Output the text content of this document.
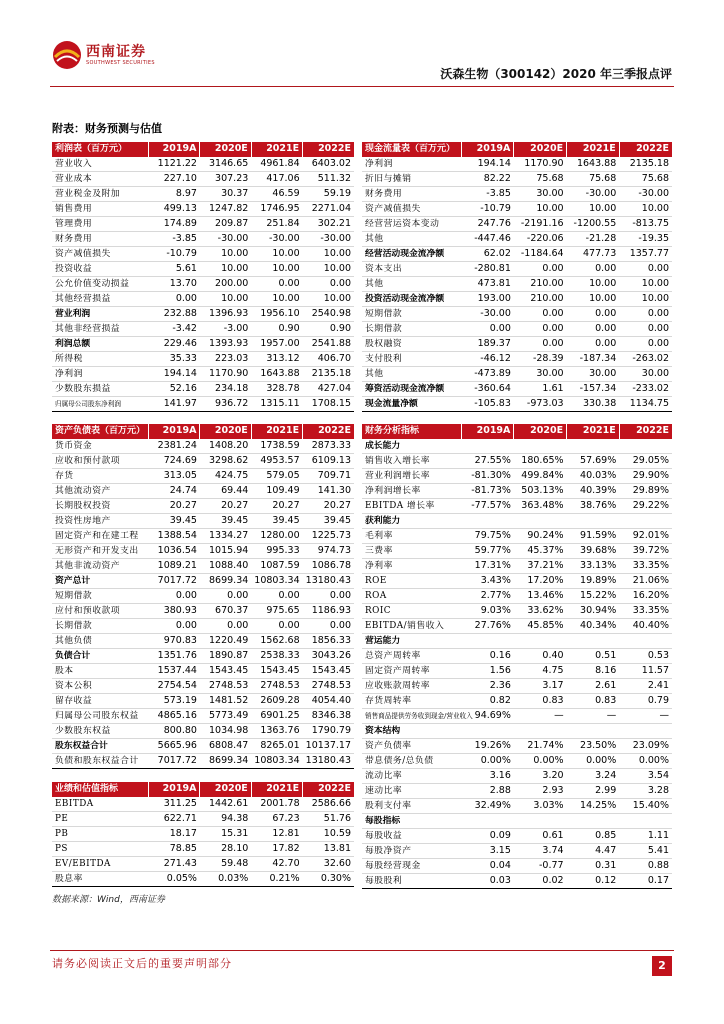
西南证券
SOUTHWEST SECURITIES
沃森生物（300142）2020 年三季报点评
附表：财务预测与估值
利润表（百万元）	2019A	2020E	2021E	2022E
营业收入	1121.22	3146.65	4961.84	6403.02
营业成本	227.10	307.23	417.06	511.32
营业税金及附加	8.97	30.37	46.59	59.19
销售费用	499.13	1247.82	1746.95	2271.04
管理费用	174.89	209.87	251.84	302.21
财务费用	-3.85	-30.00	-30.00	-30.00
资产减值损失	-10.79	10.00	10.00	10.00
投资收益	5.61	10.00	10.00	10.00
公允价值变动损益	13.70	200.00	0.00	0.00
其他经营损益	0.00	10.00	10.00	10.00
营业利润	232.88	1396.93	1956.10	2540.98
其他非经营损益	-3.42	-3.00	0.90	0.90
利润总额	229.46	1393.93	1957.00	2541.88
所得税	35.33	223.03	313.12	406.70
净利润	194.14	1170.90	1643.88	2135.18
少数股东损益	52.16	234.18	328.78	427.04
归属母公司股东净利润	141.97	936.72	1315.11	1708.15
现金流量表（百万元）	2019A	2020E	2021E	2022E
净利润	194.14	1170.90	1643.88	2135.18
折旧与摊销	82.22	75.68	75.68	75.68
财务费用	-3.85	30.00	-30.00	-30.00
资产减值损失	-10.79	10.00	10.00	10.00
经营营运资本变动	247.76	-2191.16	-1200.55	-813.75
其他	-447.46	-220.06	-21.28	-19.35
经营活动现金流净额	62.02	-1184.64	477.73	1357.77
资本支出	-280.81	0.00	0.00	0.00
其他	473.81	210.00	10.00	10.00
投资活动现金流净额	193.00	210.00	10.00	10.00
短期借款	-30.00	0.00	0.00	0.00
长期借款	0.00	0.00	0.00	0.00
股权融资	189.37	0.00	0.00	0.00
支付股利	-46.12	-28.39	-187.34	-263.02
其他	-473.89	30.00	30.00	30.00
筹资活动现金流净额	-360.64	1.61	-157.34	-233.02
现金流量净额	-105.83	-973.03	330.38	1134.75
资产负债表（百万元）	2019A	2020E	2021E	2022E
货币资金	2381.24	1408.20	1738.59	2873.33
应收和预付款项	724.69	3298.62	4953.57	6109.13
存货	313.05	424.75	579.05	709.71
其他流动资产	24.74	69.44	109.49	141.30
长期股权投资	20.27	20.27	20.27	20.27
投资性房地产	39.45	39.45	39.45	39.45
固定资产和在建工程	1388.54	1334.27	1280.00	1225.73
无形资产和开发支出	1036.54	1015.94	995.33	974.73
其他非流动资产	1089.21	1088.40	1087.59	1086.78
资产总计	7017.72	8699.34	10803.34	13180.43
短期借款	0.00	0.00	0.00	0.00
应付和预收款项	380.93	670.37	975.65	1186.93
长期借款	0.00	0.00	0.00	0.00
其他负债	970.83	1220.49	1562.68	1856.33
负债合计	1351.76	1890.87	2538.33	3043.26
股本	1537.44	1543.45	1543.45	1543.45
资本公积	2754.54	2748.53	2748.53	2748.53
留存收益	573.19	1481.52	2609.28	4054.40
归属母公司股东权益	4865.16	5773.49	6901.25	8346.38
少数股东权益	800.80	1034.98	1363.76	1790.79
股东权益合计	5665.96	6808.47	8265.01	10137.17
负债和股东权益合计	7017.72	8699.34	10803.34	13180.43
财务分析指标	2019A	2020E	2021E	2022E
成长能力				
销售收入增长率	27.55%	180.65%	57.69%	29.05%
营业利润增长率	-81.30%	499.84%	40.03%	29.90%
净利润增长率	-81.73%	503.13%	40.39%	29.89%
EBITDA 增长率	-77.57%	363.48%	38.76%	29.22%
获利能力				
毛利率	79.75%	90.24%	91.59%	92.01%
三费率	59.77%	45.37%	39.68%	39.72%
净利率	17.31%	37.21%	33.13%	33.35%
ROE	3.43%	17.20%	19.89%	21.06%
ROA	2.77%	13.46%	15.22%	16.20%
ROIC	9.03%	33.62%	30.94%	33.35%
EBITDA/销售收入	27.76%	45.85%	40.34%	40.40%
营运能力				
总资产周转率	0.16	0.40	0.51	0.53
固定资产周转率	1.56	4.75	8.16	11.57
应收账款周转率	2.36	3.17	2.61	2.41
存货周转率	0.82	0.83	0.83	0.79
销售商品提供劳务收到现金/营业收入	94.69%	—	—	—
资本结构				
资产负债率	19.26%	21.74%	23.50%	23.09%
带息债务/总负债	0.00%	0.00%	0.00%	0.00%
流动比率	3.16	3.20	3.24	3.54
速动比率	2.88	2.93	2.99	3.28
股利支付率	32.49%	3.03%	14.25%	15.40%
每股指标				
每股收益	0.09	0.61	0.85	1.11
每股净资产	3.15	3.74	4.47	5.41
每股经营现金	0.04	-0.77	0.31	0.88
每股股利	0.03	0.02	0.12	0.17
业绩和估值指标	2019A	2020E	2021E	2022E
EBITDA	311.25	1442.61	2001.78	2586.66
PE	622.71	94.38	67.23	51.76
PB	18.17	15.31	12.81	10.59
PS	78.85	28.10	17.82	13.81
EV/EBITDA	271.43	59.48	42.70	32.60
股息率	0.05%	0.03%	0.21%	0.30%
数据来源：Wind，西南证券
请务必阅读正文后的重要声明部分	2
